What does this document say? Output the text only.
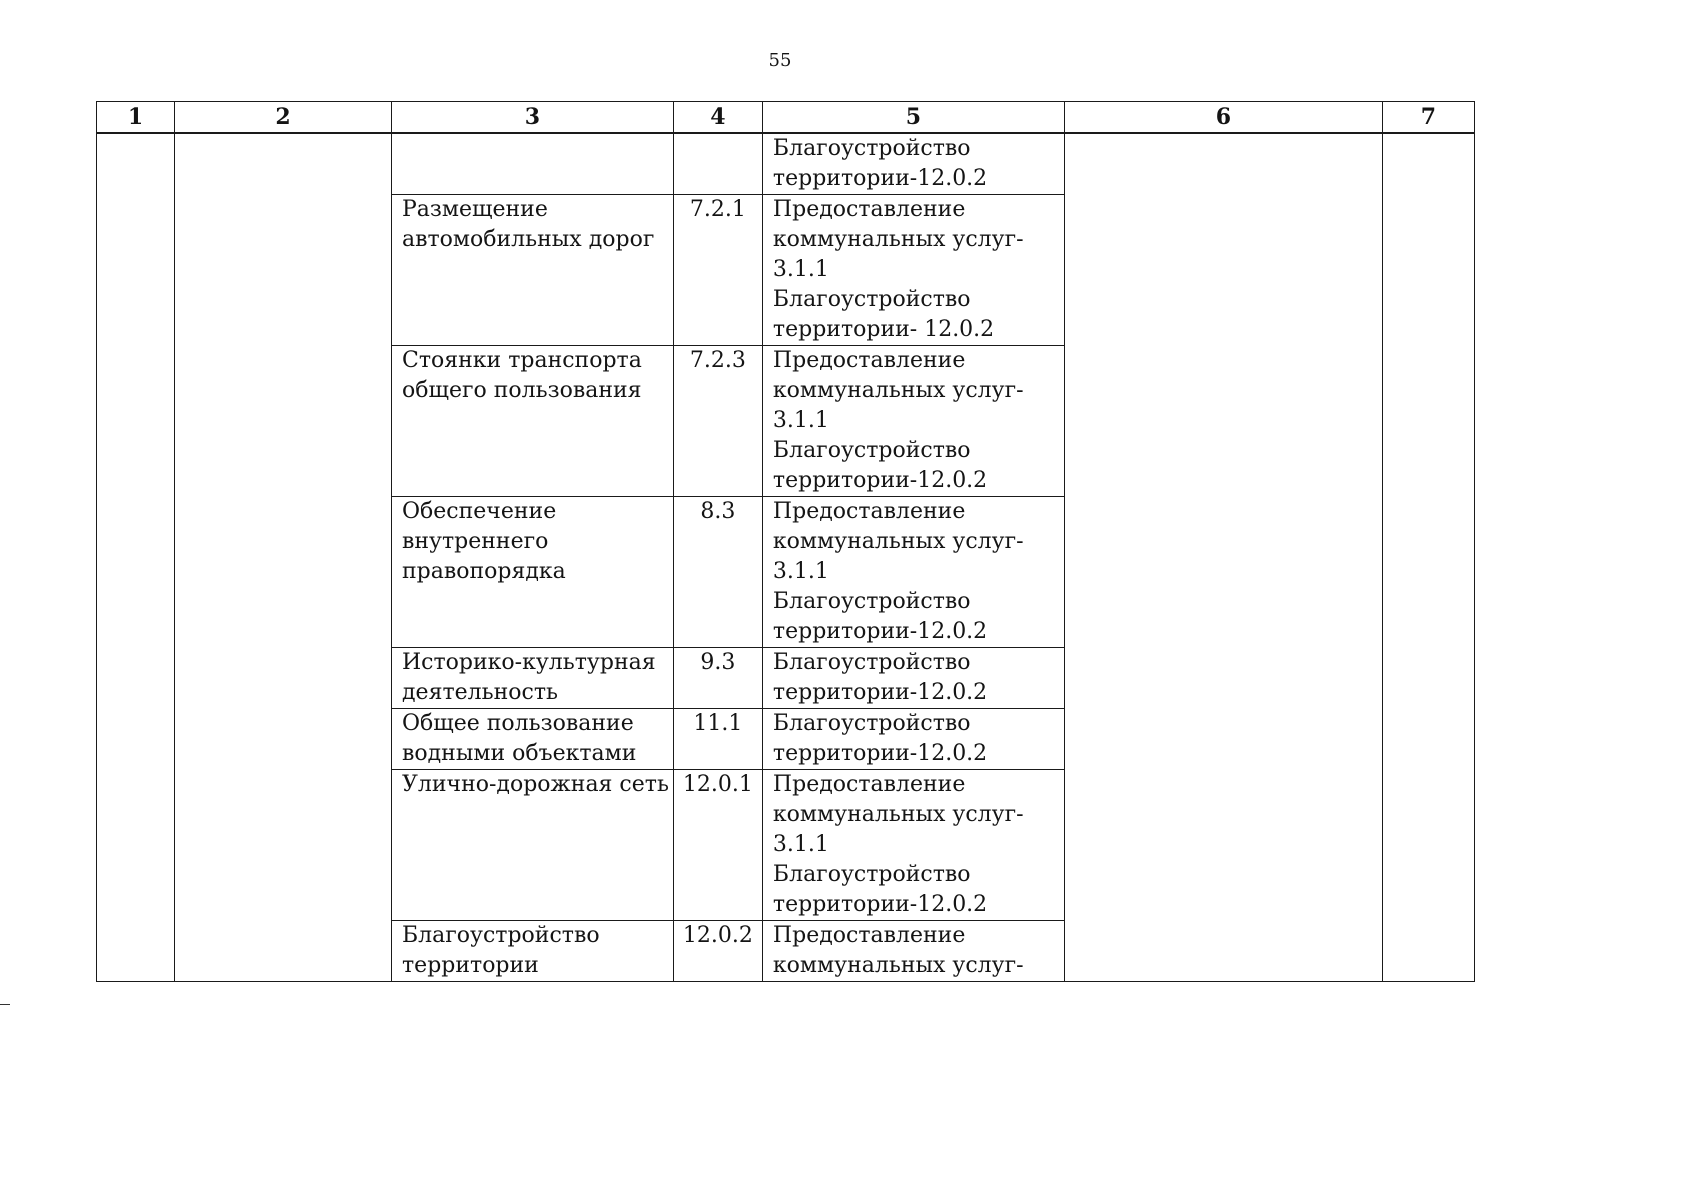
55
1	2	3	4	5	6	7

				Благоустройство
территории-12.0.2		

		Размещение
автомобильных дорог	7.2.1	Предоставление
коммунальных услуг-
3.1.1
Благоустройство
территории- 12.0.2		

		Стоянки транспорта
общего пользования	7.2.3	Предоставление
коммунальных услуг-
3.1.1
Благоустройство
территории-12.0.2		

		Обеспечение
внутреннего
правопорядка	8.3	Предоставление
коммунальных услуг-
3.1.1
Благоустройство
территории-12.0.2		

		Историко-культурная
деятельность	9.3	Благоустройство
территории-12.0.2		

		Общее пользование
водными объектами	11.1	Благоустройство
территории-12.0.2		

		Улично-дорожная сеть	12.0.1	Предоставление
коммунальных услуг-
3.1.1
Благоустройство
территории-12.0.2		

		Благоустройство
территории	12.0.2	Предоставление
коммунальных услуг-		
